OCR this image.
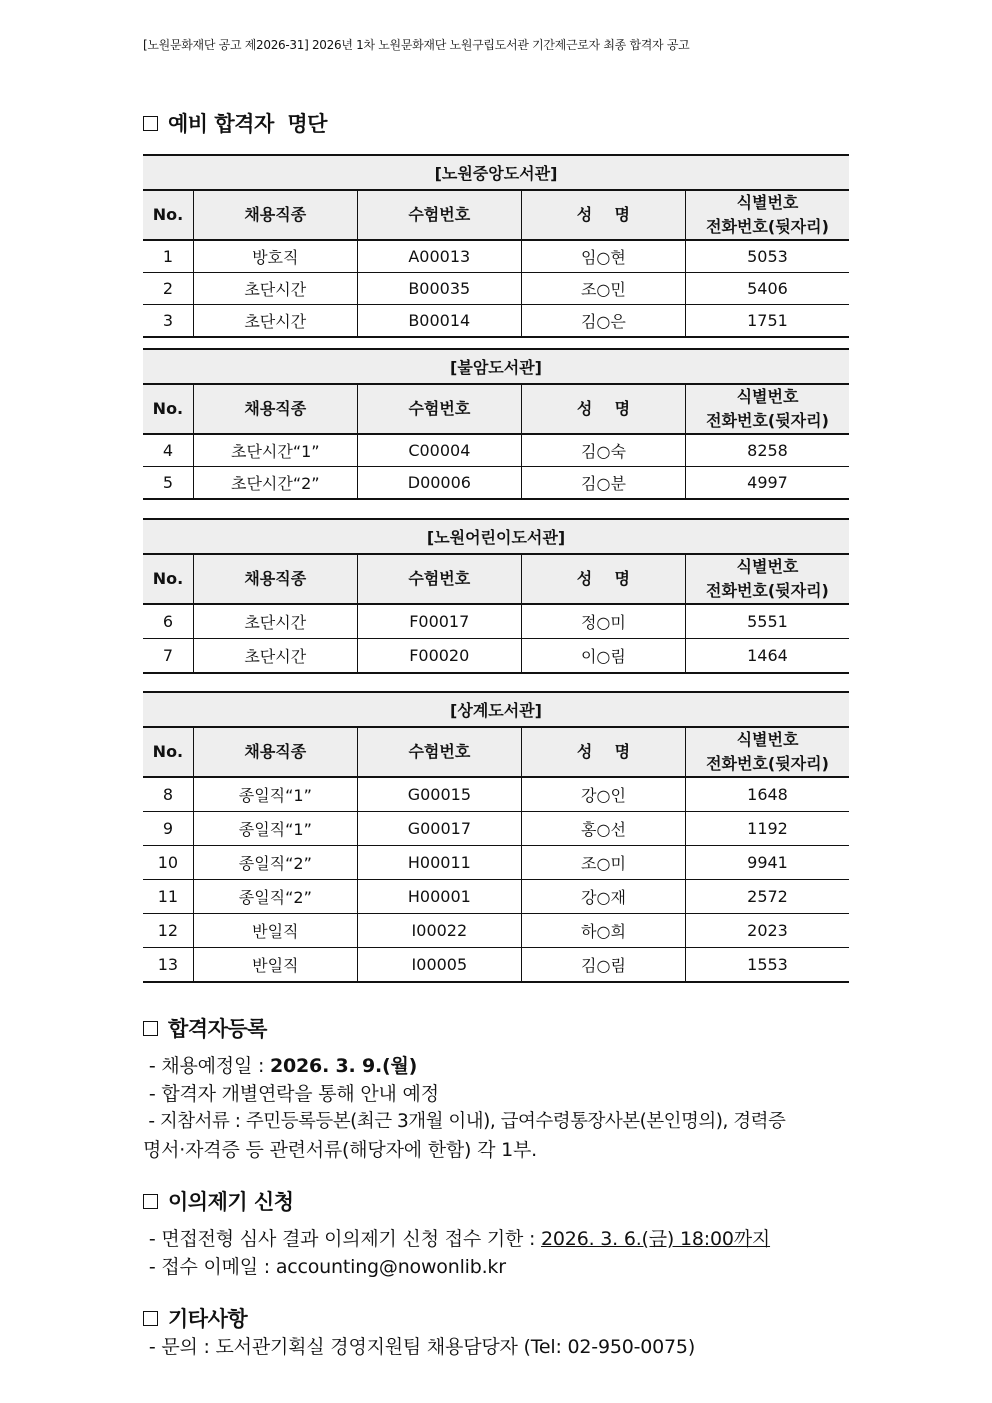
[노원문화재단 공고 제2026-31] 2026년 1차 노원문화재단 노원구립도서관 기간제근로자 최종 합격자 공고
예비 합격자  명단
[노원중앙도서관]				
No.	채용직종	수험번호	성    명	식별번호
전화번호(뒷자리)
1	방호직	A00013	임○현	5053
2	초단시간	B00035	조○민	5406
3	초단시간	B00014	김○은	1751
[불암도서관]				
No.	채용직종	수험번호	성    명	식별번호
전화번호(뒷자리)
4	초단시간“1”	C00004	김○숙	8258
5	초단시간“2”	D00006	김○분	4997
[노원어린이도서관]				
No.	채용직종	수험번호	성    명	식별번호
전화번호(뒷자리)
6	초단시간	F00017	정○미	5551
7	초단시간	F00020	이○림	1464
[상계도서관]				
No.	채용직종	수험번호	성    명	식별번호
전화번호(뒷자리)
8	종일직“1”	G00015	강○인	1648
9	종일직“1”	G00017	홍○선	1192
10	종일직“2”	H00011	조○미	9941
11	종일직“2”	H00001	강○재	2572
12	반일직	I00022	하○희	2023
13	반일직	I00005	김○림	1553
합격자등록
- 채용예정일 : 2026. 3. 9.(월)
- 합격자 개별연락을 통해 안내 예정
- 지참서류 : 주민등록등본(최근 3개월 이내), 급여수령통장사본(본인명의), 경력증
명서·자격증 등 관련서류(해당자에 한함) 각 1부.
이의제기 신청
- 면접전형 심사 결과 이의제기 신청 접수 기한 : 2026. 3. 6.(금) 18:00까지
- 접수 이메일 : accounting@nowonlib.kr
기타사항
- 문의 : 도서관기획실 경영지원팀 채용담당자 (Tel: 02-950-0075)
